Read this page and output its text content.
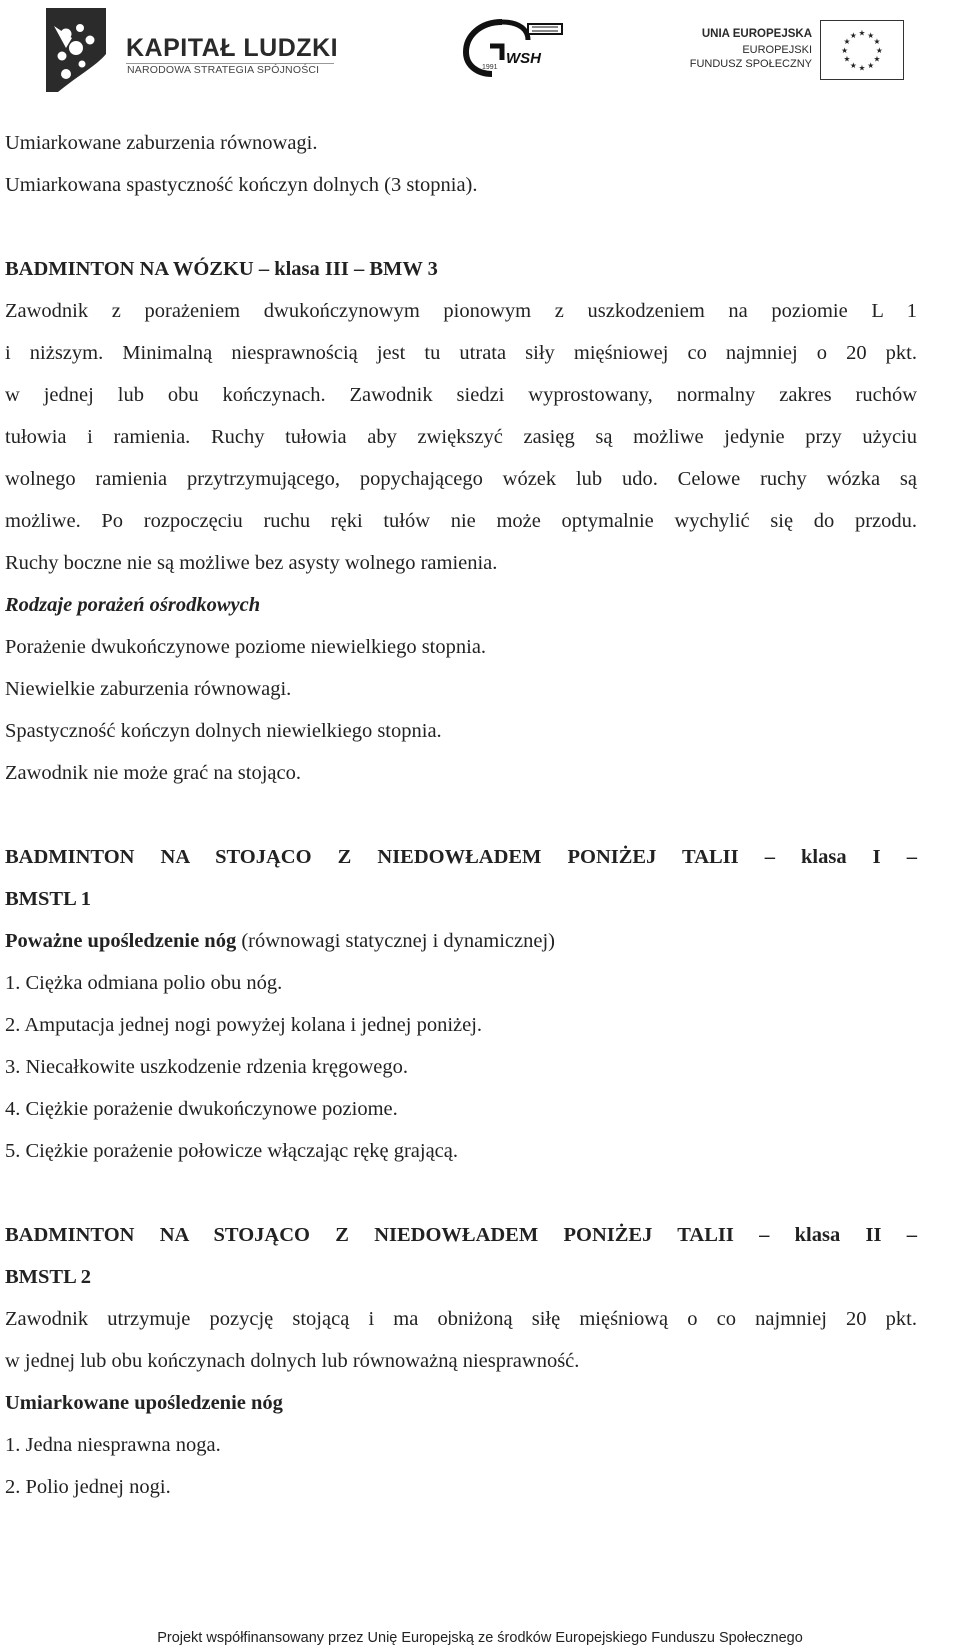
KAPITAŁ LUDZKI
NARODOWA STRATEGIA SPÓJNOŚCI	1991
WSH
UNIA EUROPEJSKA
EUROPEJSKI
FUNDUSZ SPOŁECZNY
★ ★
★
★
★
★
★
★
★
★
★
★

Umiarkowane zaburzenia równowagi.

Umiarkowana spastyczność kończyn dolnych (3 stopnia).

BADMINTON NA WÓZKU – klasa III – BMW 3

Zawodnik z porażeniem dwukończynowym pionowym z uszkodzeniem na poziomie L 1

i niższym. Minimalną niesprawnością jest tu utrata siły mięśniowej co najmniej o 20 pkt.

w jednej lub obu kończynach. Zawodnik siedzi wyprostowany, normalny zakres ruchów

tułowia i ramienia. Ruchy tułowia aby zwiększyć zasięg są możliwe jedynie przy użyciu

wolnego ramienia przytrzymującego, popychającego wózek lub udo. Celowe ruchy wózka są

możliwe. Po rozpoczęciu ruchu ręki tułów nie może optymalnie wychylić się do przodu.

Ruchy boczne nie są możliwe bez asysty wolnego ramienia.

Rodzaje porażeń ośrodkowych

Porażenie dwukończynowe poziome niewielkiego stopnia.

Niewielkie zaburzenia równowagi.

Spastyczność kończyn dolnych niewielkiego stopnia.

Zawodnik nie może grać na stojąco.

BADMINTON NA STOJĄCO Z NIEDOWŁADEM PONIŻEJ TALII – klasa I –

BMSTL 1

Poważne upośledzenie nóg (równowagi statycznej i dynamicznej)

1. Ciężka odmiana polio obu nóg.

2. Amputacja jednej nogi powyżej kolana i jednej poniżej.

3. Niecałkowite uszkodzenie rdzenia kręgowego.

4. Ciężkie porażenie dwukończynowe poziome.

5. Ciężkie porażenie połowicze włączając rękę grającą.

BADMINTON NA STOJĄCO Z NIEDOWŁADEM PONIŻEJ TALII – klasa II –

BMSTL 2

Zawodnik utrzymuje pozycję stojącą i ma obniżoną siłę mięśniową o co najmniej 20 pkt.

w jednej lub obu kończynach dolnych lub równoważną niesprawność.

Umiarkowane upośledzenie nóg

1. Jedna niesprawna noga.

2. Polio jednej nogi.

Projekt współfinansowany przez Unię Europejską ze środków Europejskiego Funduszu Społecznego
